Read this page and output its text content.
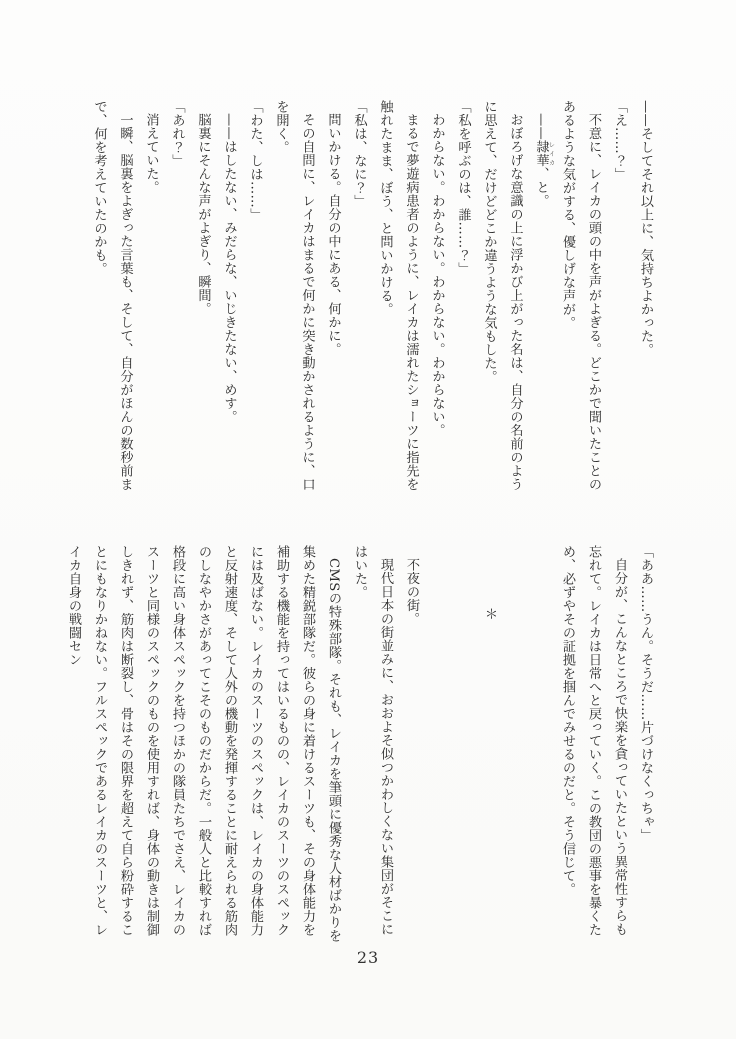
——そしてそれ以上に、気持ちよかった。

「え……？」

不意に、レイカの頭の中を声がよぎる。どこかで聞いたことのあるような気がする、優しげな声が。

——隷華 レイカ、と。

おぼろげな意識の上に浮かび上がった名は、自分の名前のように思えて、だけどどこか違うような気もした。

「私を呼ぶのは、誰……？」

わからない。わからない。わからない。わからない。

まるで夢遊病患者のように、レイカは濡れたショーツに指先を触れたまま、ぼう、と問いかける。

「私は、なに？」

問いかける。自分の中にある、何かに。

その自問に、レイカはまるで何かに突き動かされるように、口を開く。

「わた、しは……」

——はしたない、みだらな、いじきたない、めす。

脳裏にそんな声がよぎり、瞬間。

「あれ？」

消えていた。

一瞬、脳裏をよぎった言葉も、そして、自分がほんの数秒前まで、何を考えていたのかも。

「ああ……うん。そうだ……片づけなくっちゃ」

自分が、こんなところで快楽を貪っていたという異常性すらも忘れて。レイカは日常へと戻っていく。この教団の悪事を暴くため、必ずやその証拠を掴んでみせるのだと。そう信じて。

＊

不夜の街。

現代日本の街並みに、おおよそ似つかわしくない集団がそこにはいた。

CMSの特殊部隊。それも、レイカを筆頭に優秀な人材ばかりを集めた精鋭部隊だ。彼らの身に着けるスーツも、その身体能力を補助する機能を持ってはいるものの、レイカのスーツのスペックには及ばない。レイカのスーツのスペックは、レイカの身体能力と反射速度、そして人外の機動を発揮することに耐えられる筋肉のしなやかさがあってこそのものだからだ。一般人と比較すれば格段に高い身体スペックを持つほかの隊員たちでさえ、レイカのスーツと同様のスペックのものを使用すれば、身体の動きは制御しきれず、筋肉は断裂し、骨はその限界を超えて自ら粉砕することにもなりかねない。フルスペックであるレイカのスーツと、レイカ自身の戦闘セン

23
